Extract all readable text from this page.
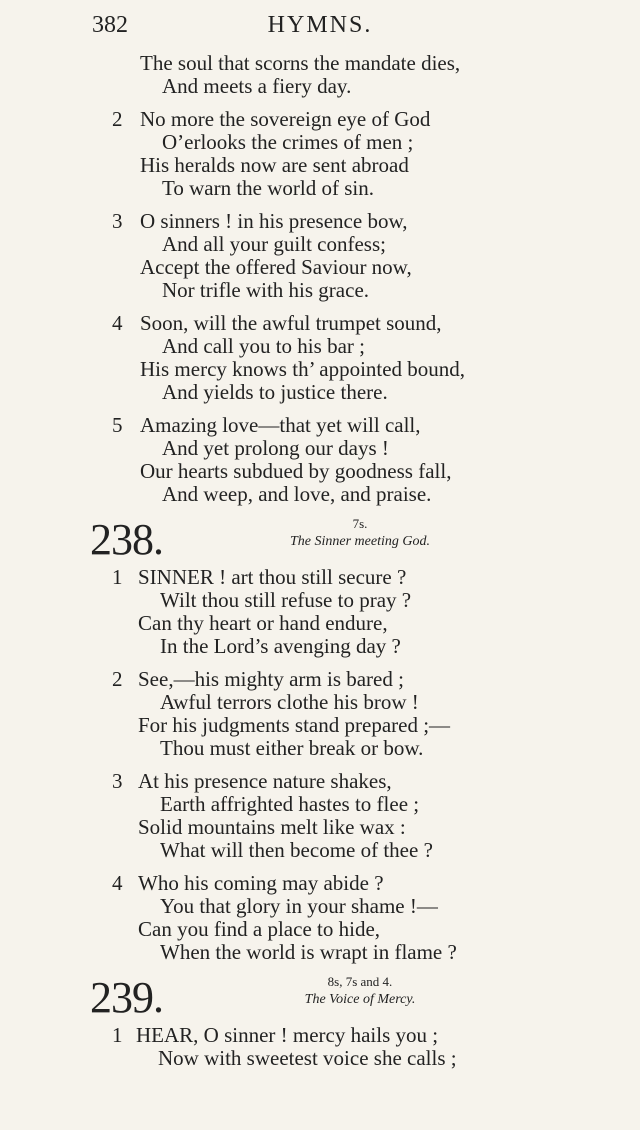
382	HYMNS.
The soul that scorns the mandate dies,
And meets a fiery day.
2 No more the sovereign eye of God
O’erlooks the crimes of men ;
His heralds now are sent abroad
To warn the world of sin.
3 O sinners ! in his presence bow,
And all your guilt confess;
Accept the offered Saviour now,
Nor trifle with his grace.
4 Soon, will the awful trumpet sound,
And call you to his bar ;
His mercy knows th’ appointed bound,
And yields to justice there.
5 Amazing love—that yet will call,
And yet prolong our days !
Our hearts subdued by goodness fall,
And weep, and love, and praise.
238.	7s.
The Sinner meeting God.
1 SINNER ! art thou still secure ?
Wilt thou still refuse to pray ?
Can thy heart or hand endure,
In the Lord’s avenging day ?
2 See,—his mighty arm is bared ;
Awful terrors clothe his brow !
For his judgments stand prepared ;—
Thou must either break or bow.
3 At his presence nature shakes,
Earth affrighted hastes to flee ;
Solid mountains melt like wax :
What will then become of thee ?
4 Who his coming may abide ?
You that glory in your shame !—
Can you find a place to hide,
When the world is wrapt in flame ?
239.	8s, 7s and 4.
The Voice of Mercy.
1 HEAR, O sinner ! mercy hails you ;
Now with sweetest voice she calls ;
